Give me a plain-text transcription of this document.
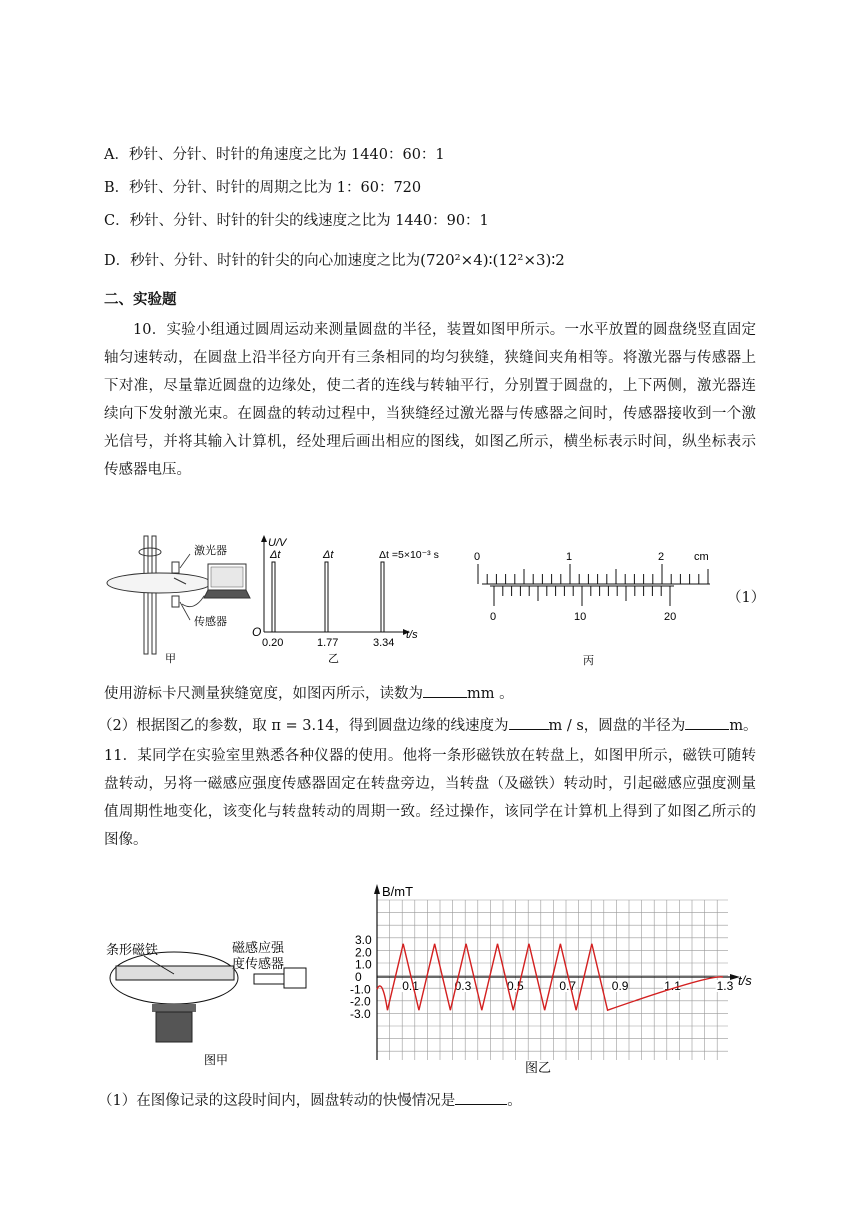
A．秒针、分针、时针的角速度之比为 1440：60：1
B．秒针、分针、时针的周期之比为 1：60：720
C．秒针、分针、时针的针尖的线速度之比为 1440：90：1
D．秒针、分针、时针的针尖的向心加速度之比为(720²×4)∶(12²×3)∶2
二、实验题
10．实验小组通过圆周运动来测量圆盘的半径，装置如图甲所示。一水平放置的圆盘绕竖直固定轴匀速转动，在圆盘上沿半径方向开有三条相同的均匀狭缝，狭缝间夹角相等。将激光器与传感器上下对准，尽量靠近圆盘的边缘处，使二者的连线与转轴平行，分别置于圆盘的，上下两侧，激光器连续向下发射激光束。在圆盘的转动过程中，当狭缝经过激光器与传感器之间时，传感器接收到一个激光信号，并将其输入计算机，经处理后画出相应的图线，如图乙所示，横坐标表示时间，纵坐标表示传感器电压。
激光器
传感器
甲
U/V
t/s
O
Δt	Δt	Δt =5×10⁻³ s
0.20	1.77	3.34
乙
0	1	2	cm
0	10	20
丙
（1）
使用游标卡尺测量狭缝宽度，如图丙所示，读数为	mm 。
（2）根据图乙的参数，取 π = 3.14，得到圆盘边缘的线速度为	m / s，圆盘的半径为	m。
11．某同学在实验室里熟悉各种仪器的使用。他将一条形磁铁放在转盘上，如图甲所示，磁铁可随转盘转动，另将一磁感应强度传感器固定在转盘旁边，当转盘（及磁铁）转动时，引起磁感应强度测量值周期性地变化，该变化与转盘转动的周期一致。经过操作，该同学在计算机上得到了如图乙所示的图像。
条形磁铁	磁感应强
度传感器
图甲
B/mT
t/s
3.0
2.0
1.0
0
-1.0
-2.0
-3.0
0.1	0.3	0.5	0.7	0.9	1.1	1.3
图乙
（1）在图像记录的这段时间内，圆盘转动的快慢情况是	。
